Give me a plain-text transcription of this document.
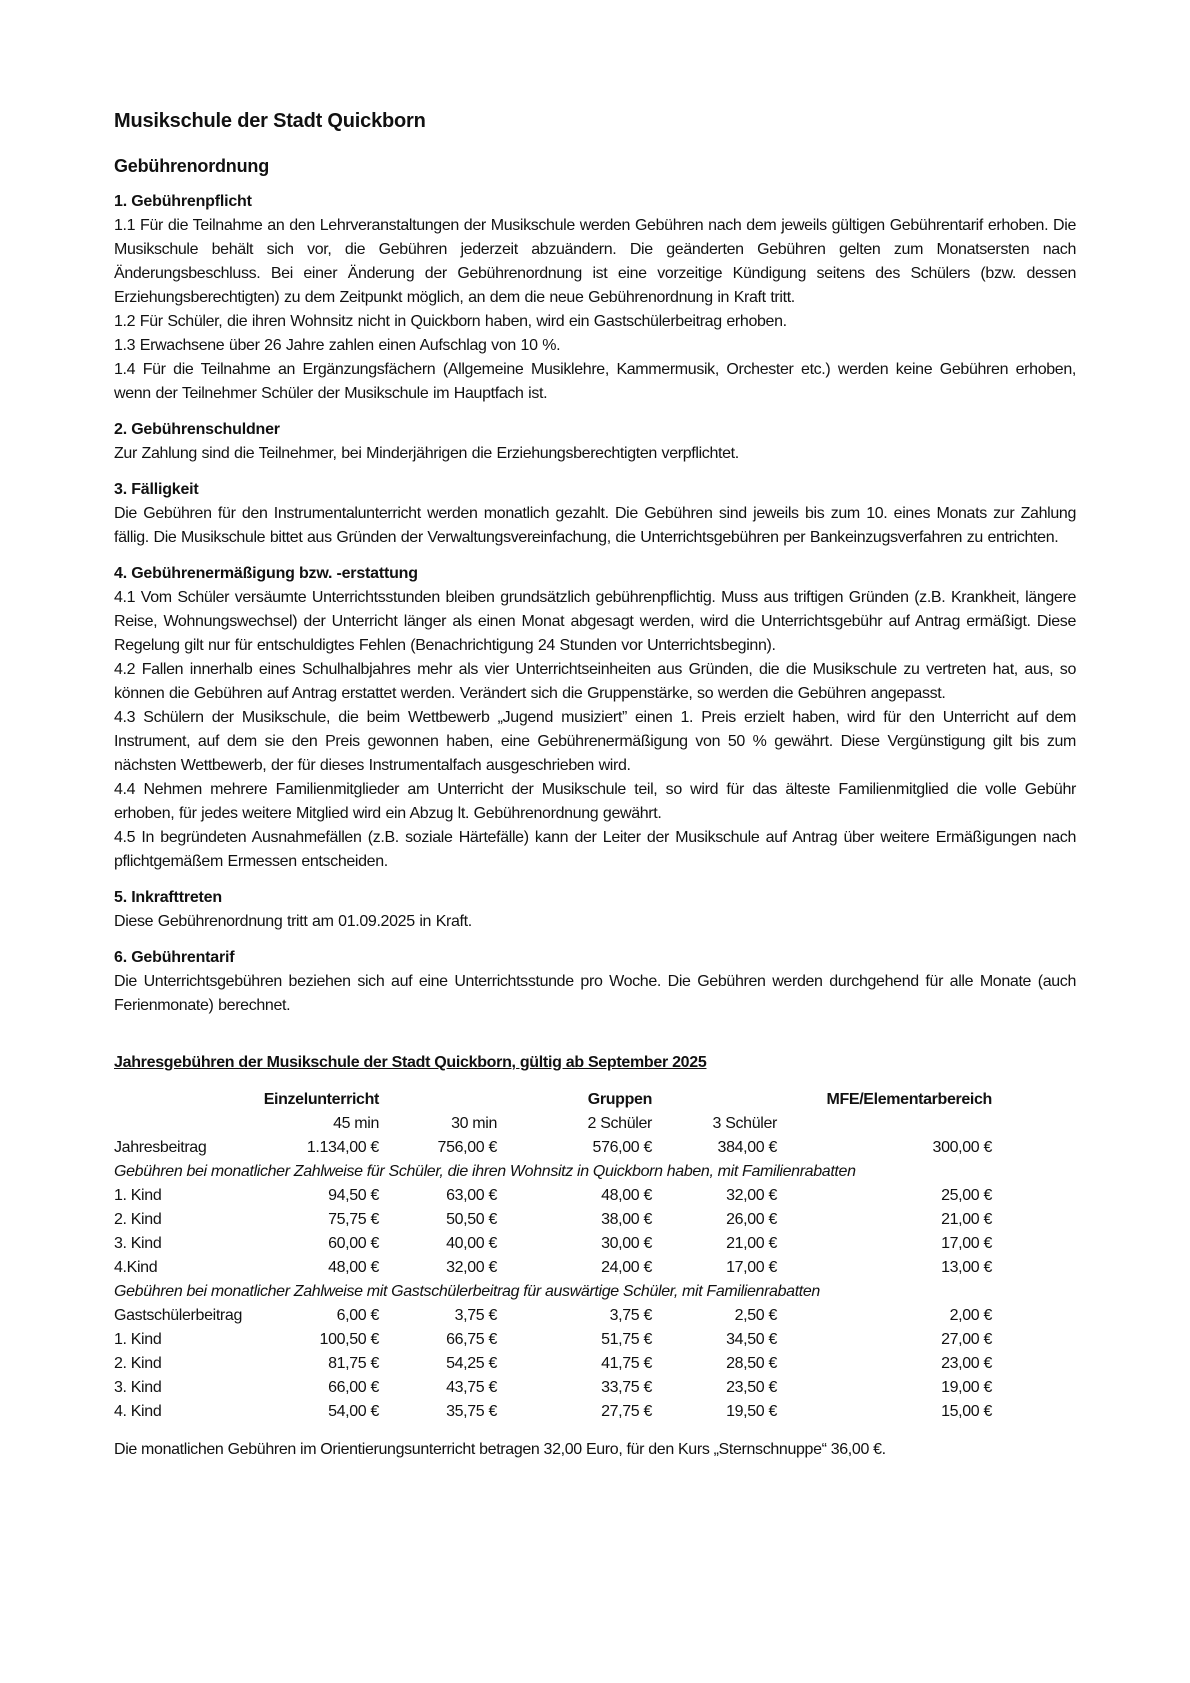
Musikschule der Stadt Quickborn
Gebührenordnung
1. Gebührenpflicht

1.1 Für die Teilnahme an den Lehrveranstaltungen der Musikschule werden Gebühren nach dem jeweils gültigen Gebührentarif erhoben. Die Musikschule behält sich vor, die Gebühren jederzeit abzuändern. Die geänderten Gebühren gelten zum Monatsersten nach Änderungsbeschluss. Bei einer Änderung der Gebührenordnung ist eine vorzeitige Kündigung seitens des Schülers (bzw. dessen Erziehungsberechtigten) zu dem Zeitpunkt möglich, an dem die neue Gebührenordnung in Kraft tritt.

1.2 Für Schüler, die ihren Wohnsitz nicht in Quickborn haben, wird ein Gastschülerbeitrag erhoben.

1.3 Erwachsene über 26 Jahre zahlen einen Aufschlag von 10 %.

1.4 Für die Teilnahme an Ergänzungsfächern (Allgemeine Musiklehre, Kammermusik, Orchester etc.) werden keine Gebühren erhoben, wenn der Teilnehmer Schüler der Musikschule im Hauptfach ist.

2. Gebührenschuldner

Zur Zahlung sind die Teilnehmer, bei Minderjährigen die Erziehungsberechtigten verpflichtet.

3. Fälligkeit

Die Gebühren für den Instrumentalunterricht werden monatlich gezahlt. Die Gebühren sind jeweils bis zum 10. eines Monats zur Zahlung fällig. Die Musikschule bittet aus Gründen der Verwaltungsvereinfachung, die Unterrichtsgebühren per Bankeinzugsverfahren zu entrichten.

4. Gebührenermäßigung bzw. -erstattung

4.1 Vom Schüler versäumte Unterrichtsstunden bleiben grundsätzlich gebührenpflichtig. Muss aus triftigen Gründen (z.B. Krankheit, längere Reise, Wohnungswechsel) der Unterricht länger als einen Monat abgesagt werden, wird die Unterrichtsgebühr auf Antrag ermäßigt. Diese Regelung gilt nur für entschuldigtes Fehlen (Benachrichtigung 24 Stunden vor Unterrichtsbeginn).

4.2 Fallen innerhalb eines Schulhalbjahres mehr als vier Unterrichtseinheiten aus Gründen, die die Musikschule zu vertreten hat, aus, so können die Gebühren auf Antrag erstattet werden. Verändert sich die Gruppenstärke, so werden die Gebühren angepasst.

4.3 Schülern der Musikschule, die beim Wettbewerb „Jugend musiziert” einen 1. Preis erzielt haben, wird für den Unterricht auf dem Instrument, auf dem sie den Preis gewonnen haben, eine Gebührenermäßigung von 50 % gewährt. Diese Vergünstigung gilt bis zum nächsten Wettbewerb, der für dieses Instrumentalfach ausgeschrieben wird.

4.4 Nehmen mehrere Familienmitglieder am Unterricht der Musikschule teil, so wird für das älteste Familienmitglied die volle Gebühr erhoben, für jedes weitere Mitglied wird ein Abzug lt. Gebührenordnung gewährt.

4.5 In begründeten Ausnahmefällen (z.B. soziale Härtefälle) kann der Leiter der Musikschule auf Antrag über weitere Ermäßigungen nach pflichtgemäßem Ermessen entscheiden.

5. Inkrafttreten

Diese Gebührenordnung tritt am 01.09.2025 in Kraft.

6. Gebührentarif

Die Unterrichtsgebühren beziehen sich auf eine Unterrichtsstunde pro Woche. Die Gebühren werden durchgehend für alle Monate (auch Ferienmonate) berechnet.

Jahresgebühren der Musikschule der Stadt Quickborn, gültig ab September 2025
	Einzelunterricht		Gruppen		MFE/Elementarbereich
	45 min	30 min	2 Schüler	3 Schüler	
Jahresbeitrag	1.134,00 €	756,00 €	576,00 €	384,00 €	300,00 €
Gebühren bei monatlicher Zahlweise für Schüler, die ihren Wohnsitz in Quickborn haben, mit Familienrabatten					
1. Kind	94,50 €	63,00 €	48,00 €	32,00 €	25,00 €
2. Kind	75,75 €	50,50 €	38,00 €	26,00 €	21,00 €
3. Kind	60,00 €	40,00 €	30,00 €	21,00 €	17,00 €
4.Kind	48,00 €	32,00 €	24,00 €	17,00 €	13,00 €
Gebühren bei monatlicher Zahlweise mit Gastschülerbeitrag für auswärtige Schüler, mit Familienrabatten					
Gastschülerbeitrag	6,00 €	3,75 €	3,75 €	2,50 €	2,00 €
1. Kind	100,50 €	66,75 €	51,75 €	34,50 €	27,00 €
2. Kind	81,75 €	54,25 €	41,75 €	28,50 €	23,00 €
3. Kind	66,00 €	43,75 €	33,75 €	23,50 €	19,00 €
4. Kind	54,00 €	35,75 €	27,75 €	19,50 €	15,00 €
Die monatlichen Gebühren im Orientierungsunterricht betragen 32,00 Euro, für den Kurs „Sternschnuppe“ 36,00 €.
